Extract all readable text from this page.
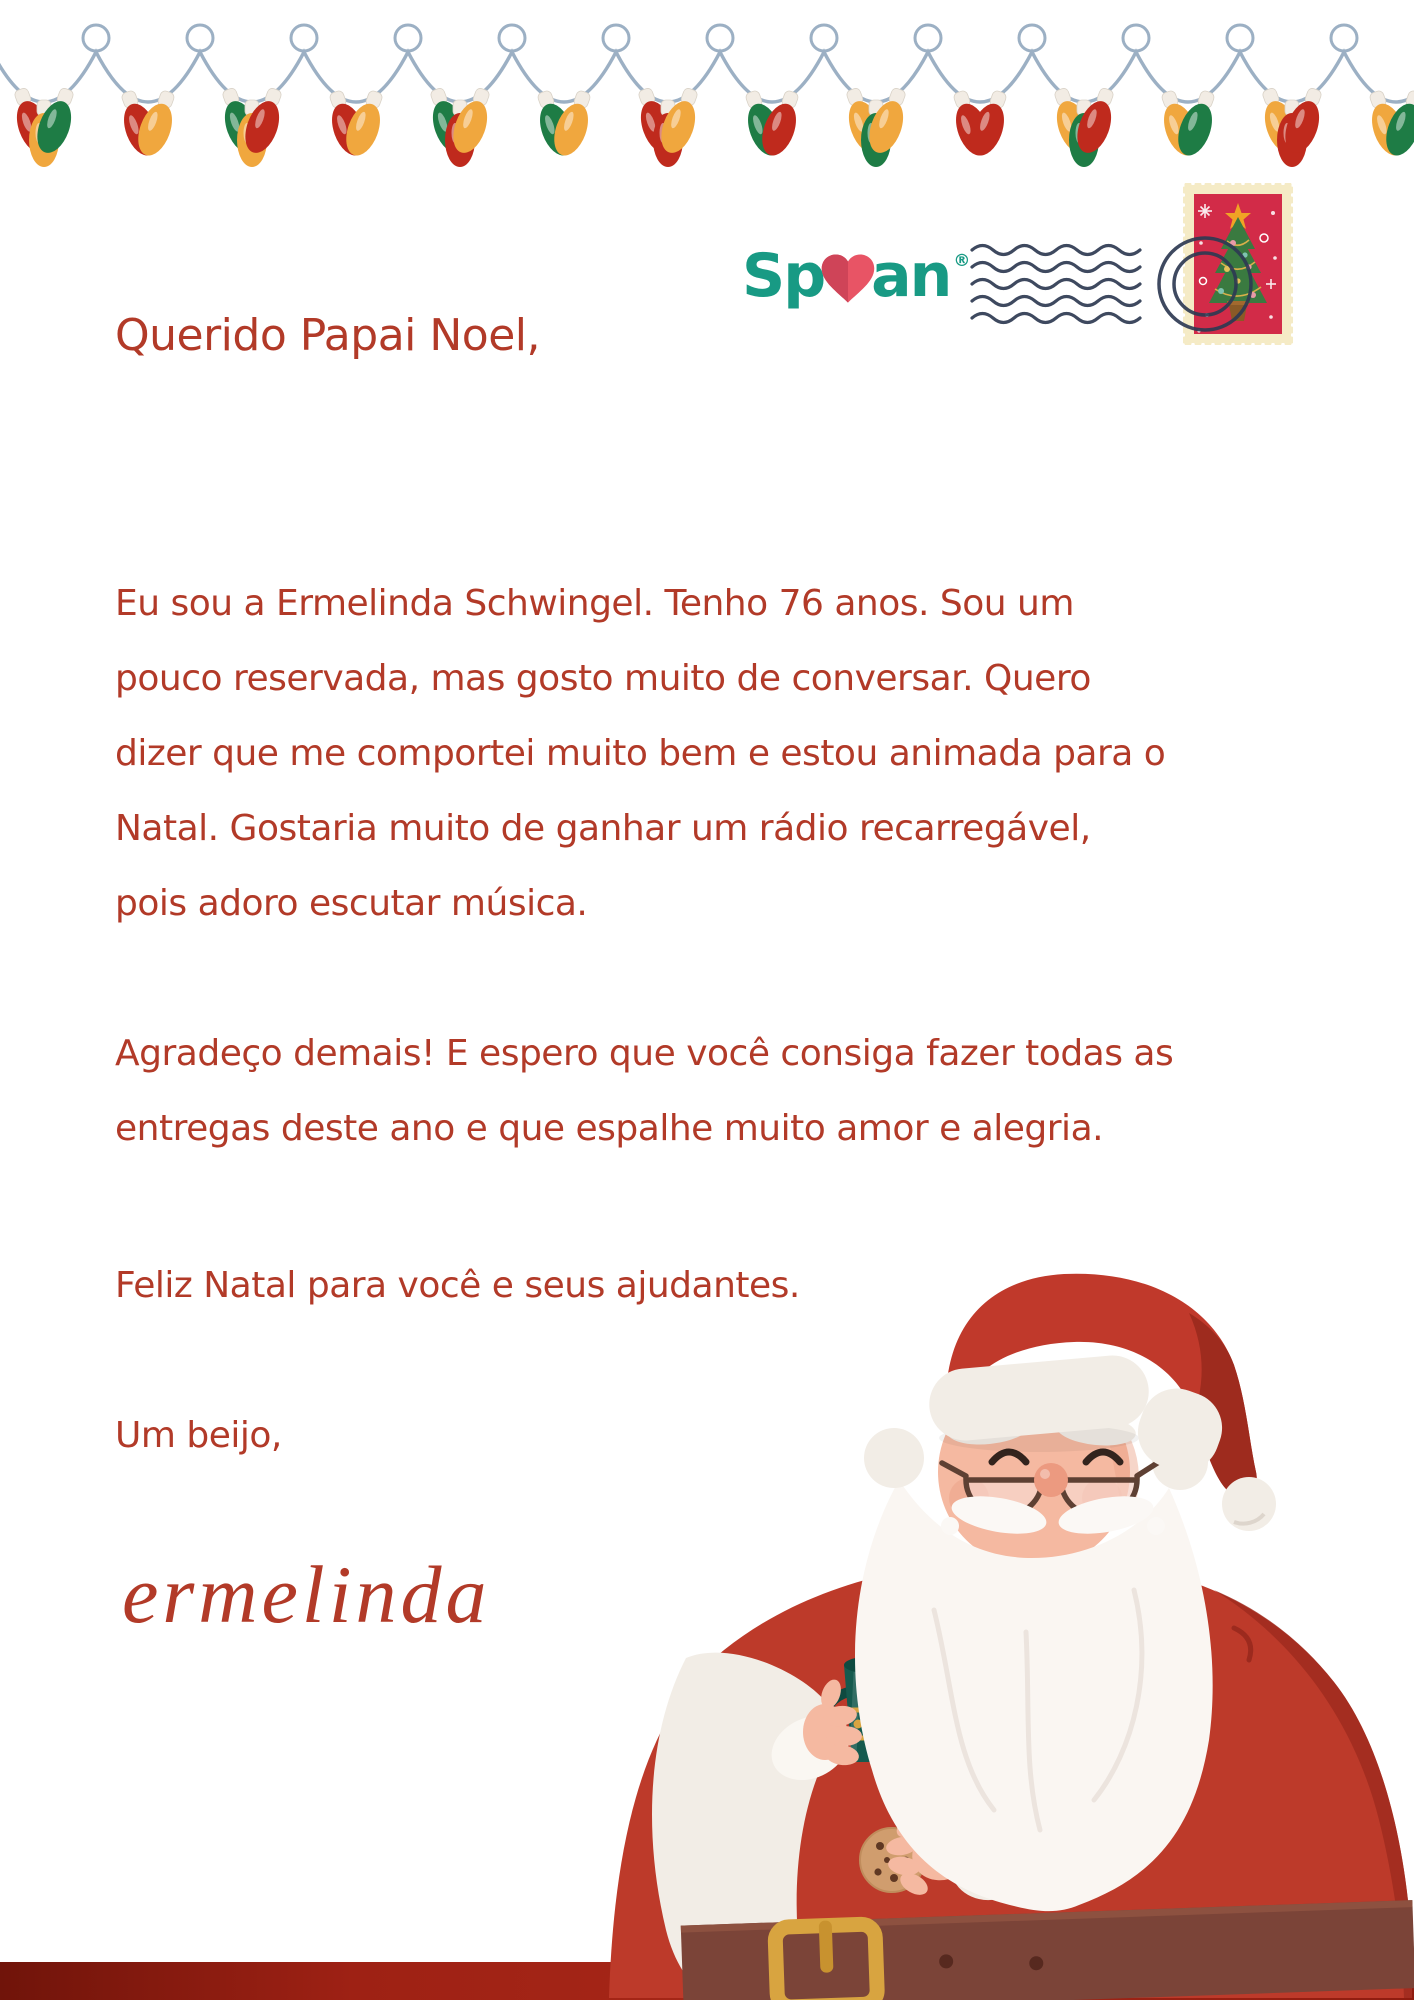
Sp an ®
Querido Papai Noel,
Eu sou a Ermelinda Schwingel. Tenho 76 anos. Sou um
pouco reservada, mas gosto muito de conversar. Quero
dizer que me comportei muito bem e estou animada para o
Natal. Gostaria muito de ganhar um rádio recarregável,
pois adoro escutar música.
Agradeço demais! E espero que você consiga fazer todas as
entregas deste ano e que espalhe muito amor e alegria.
Feliz Natal para você e seus ajudantes.
Um beijo,
ermelinda
